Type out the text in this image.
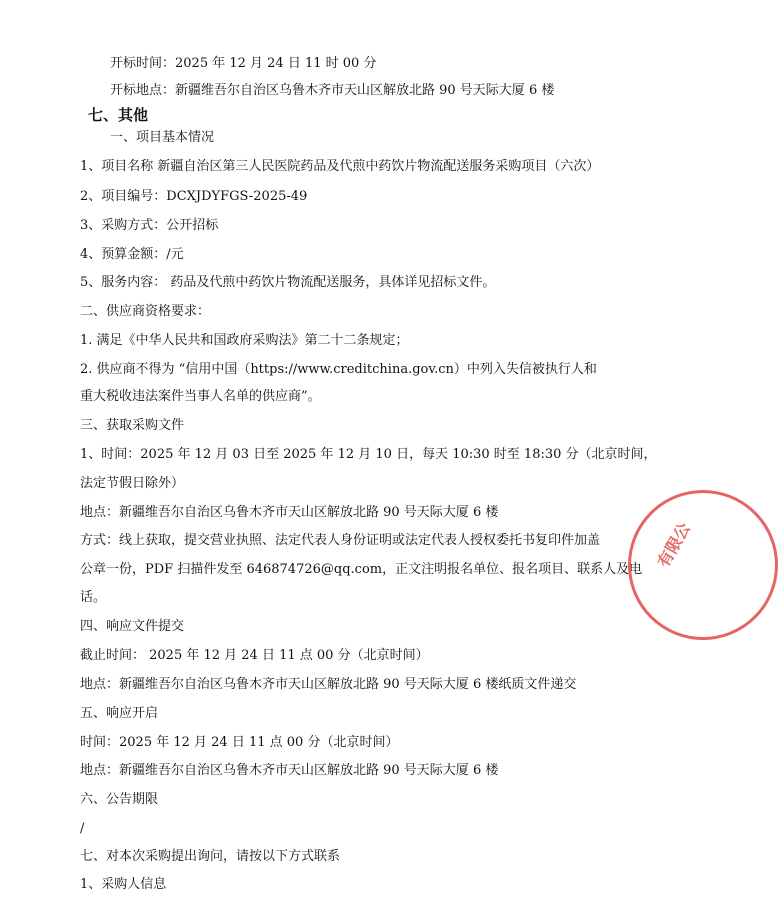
开标时间：2025 年 12 月 24 日 11 时 00 分
开标地点：新疆维吾尔自治区乌鲁木齐市天山区解放北路 90 号天际大厦 6 楼
七、其他
一、项目基本情况
1、项目名称 新疆自治区第三人民医院药品及代煎中药饮片物流配送服务采购项目（六次）
2、项目编号：DCXJDYFGS-2025-49
3、采购方式：公开招标
4、预算金额：/元
5、服务内容： 药品及代煎中药饮片物流配送服务，具体详见招标文件。
二、供应商资格要求：
1. 满足《中华人民共和国政府采购法》第二十二条规定；
2. 供应商不得为 “信用中国（https://www.creditchina.gov.cn）中列入失信被执行人和
重大税收违法案件当事人名单的供应商”。
三、获取采购文件
1、时间：2025 年 12 月 03 日至 2025 年 12 月 10 日，每天 10:30 时至 18:30 分（北京时间，
法定节假日除外）
地点：新疆维吾尔自治区乌鲁木齐市天山区解放北路 90 号天际大厦 6 楼
方式：线上获取，提交营业执照、法定代表人身份证明或法定代表人授权委托书复印件加盖
公章一份，PDF 扫描件发至 646874726@qq.com，正文注明报名单位、报名项目、联系人及电
话。
四、响应文件提交
截止时间： 2025 年 12 月 24 日 11 点 00 分（北京时间）
地点：新疆维吾尔自治区乌鲁木齐市天山区解放北路 90 号天际大厦 6 楼纸质文件递交
五、响应开启
时间：2025 年 12 月 24 日 11 点 00 分（北京时间）
地点：新疆维吾尔自治区乌鲁木齐市天山区解放北路 90 号天际大厦 6 楼
六、公告期限
/
七、对本次采购提出询问，请按以下方式联系
1、采购人信息
有限公
